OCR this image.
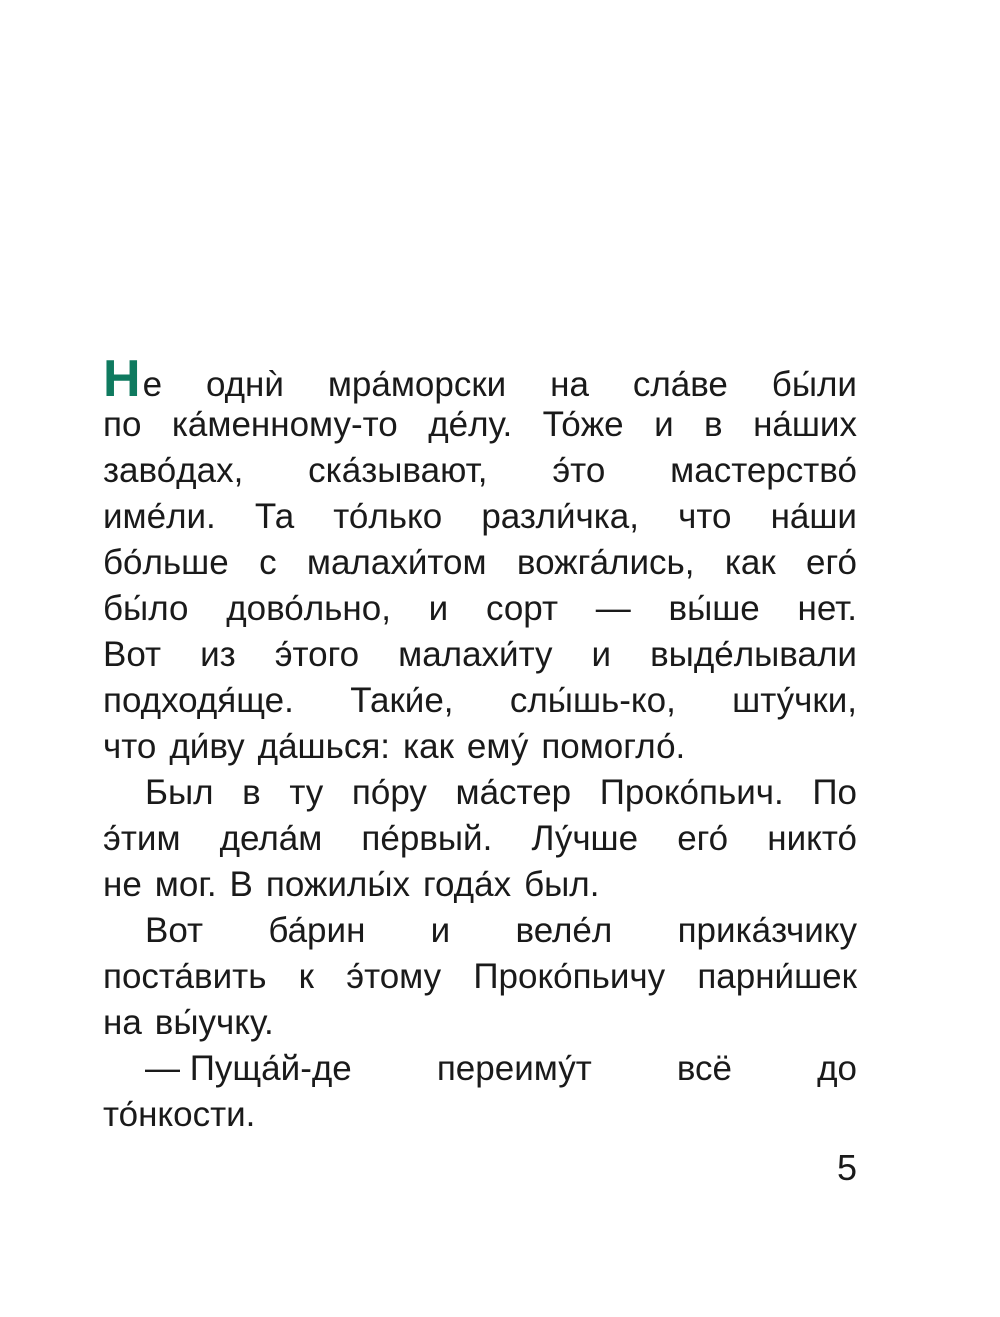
Не однѝ мра́морски на сла́ве бы́ли
по ка́менному-то де́лу. То́же и в на́ших
заво́дах, ска́зывают, э́то мастерство́
име́ли. Та то́лько разли́чка, что на́ши
бо́льше с малахи́том вожга́лись, как его́
бы́ло дово́льно, и сорт — вы́ше нет.
Вот из э́того малахи́ту и выде́лывали
подходя́ще. Таки́е, слы́шь-ко, шту́чки,
что ди́ву да́шься: как ему́ помогло́.
Был в ту по́ру ма́стер Проко́пьич. По
э́тим дела́м пе́рвый. Лу́чше его́ никто́
не мог. В пожилы́х года́х был.
Вот ба́рин и веле́л прика́зчику
поста́вить к э́тому Проко́пьичу парни́шек
на вы́учку.
— Пуща́й-де переиму́т всё до
то́нкости.
5
